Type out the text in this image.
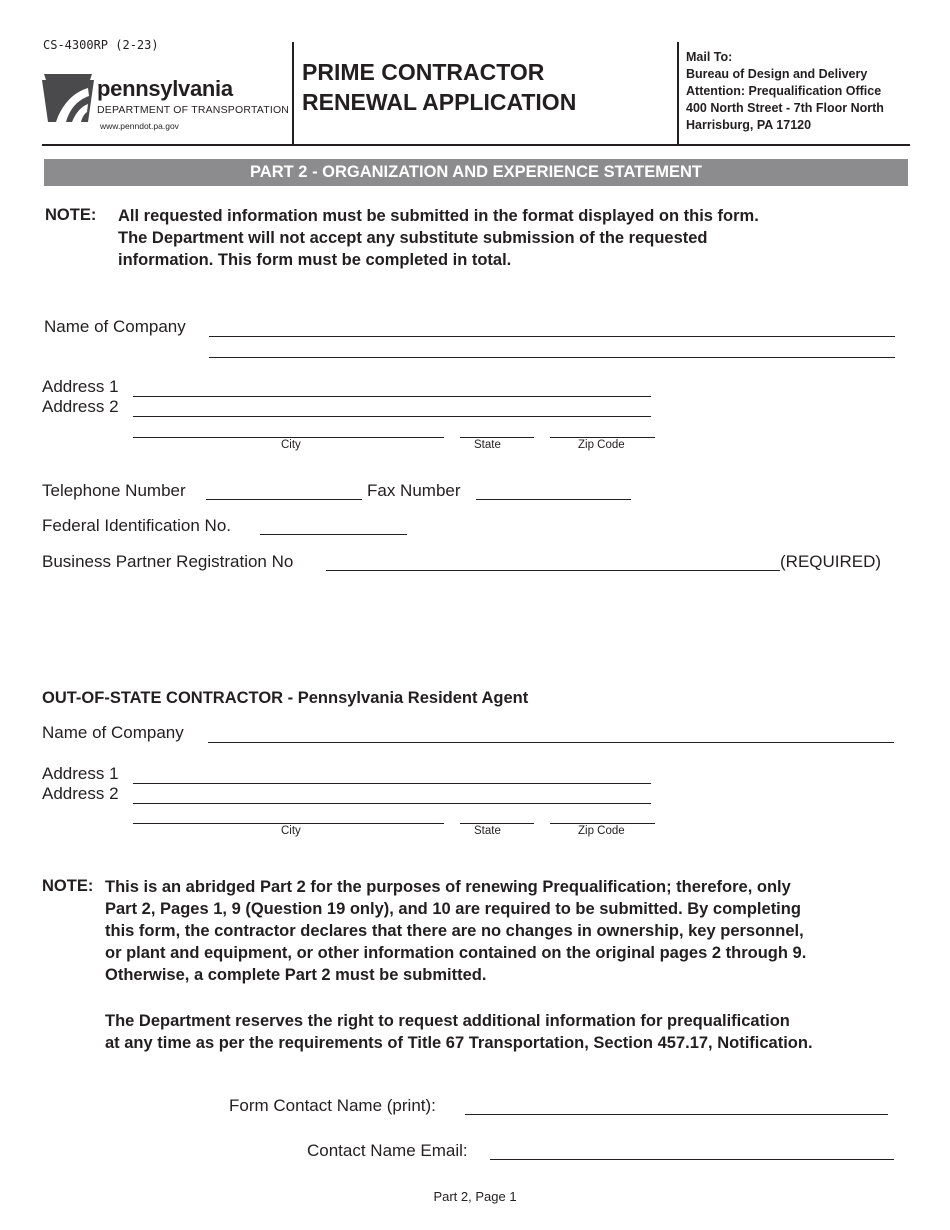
CS-4300RP (2-23)
pennsylvania
DEPARTMENT OF TRANSPORTATION
www.penndot.pa.gov
PRIME CONTRACTOR
RENEWAL APPLICATION
Mail To:
Bureau of Design and Delivery
Attention: Prequalification Office
400 North Street - 7th Floor North
Harrisburg, PA 17120
PART 2 - ORGANIZATION AND EXPERIENCE STATEMENT
NOTE: All requested information must be submitted in the format displayed on this form.
The Department will not accept any substitute submission of the requested
information. This form must be completed in total.
Name of Company
Address 1
Address 2
City	State	Zip Code
Telephone Number	Fax Number
Federal Identification No.
Business Partner Registration No	(REQUIRED)
OUT-OF-STATE CONTRACTOR - Pennsylvania Resident Agent
Name of Company
Address 1
Address 2
City	State	Zip Code
NOTE: This is an abridged Part 2 for the purposes of renewing Prequalification; therefore, only
Part 2, Pages 1, 9 (Question 19 only), and 10 are required to be submitted. By completing
this form, the contractor declares that there are no changes in ownership, key personnel,
or plant and equipment, or other information contained on the original pages 2 through 9.
Otherwise, a complete Part 2 must be submitted.
The Department reserves the right to request additional information for prequalification
at any time as per the requirements of Title 67 Transportation, Section 457.17, Notification.
Form Contact Name (print):
Contact Name Email:
Part 2, Page 1
